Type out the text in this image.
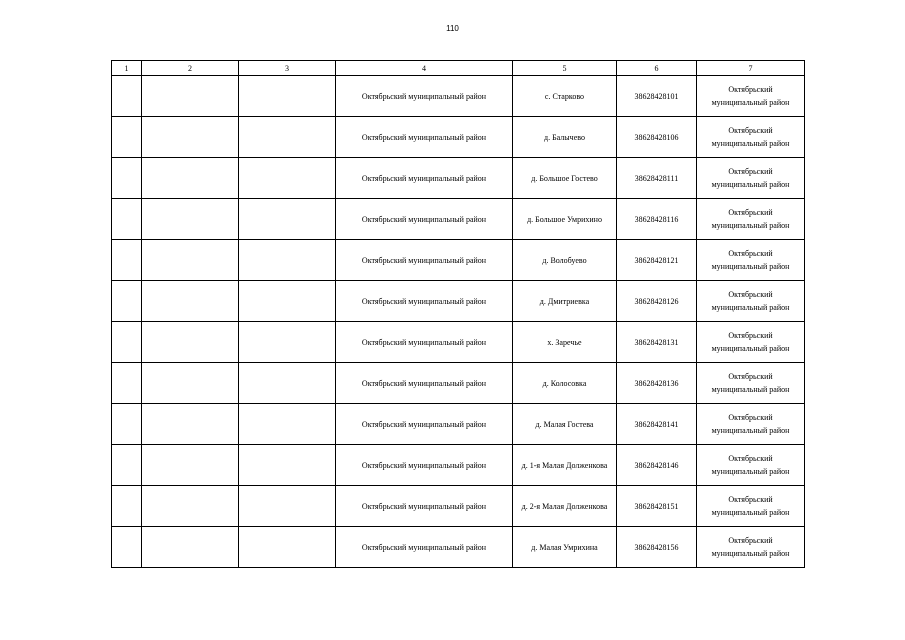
110
1	2	3	4	5	6	7
			Октябрьский муниципальный район	с. Старково	38628428101	Октябрьский
муниципальный район
			Октябрьский муниципальный район	д. Балычево	38628428106	Октябрьский
муниципальный район
			Октябрьский муниципальный район	д. Большое Гостево	38628428111	Октябрьский
муниципальный район
			Октябрьский муниципальный район	д. Большое Умрихино	38628428116	Октябрьский
муниципальный район
			Октябрьский муниципальный район	д. Волобуево	38628428121	Октябрьский
муниципальный район
			Октябрьский муниципальный район	д. Дмитриевка	38628428126	Октябрьский
муниципальный район
			Октябрьский муниципальный район	х. Заречье	38628428131	Октябрьский
муниципальный район
			Октябрьский муниципальный район	д. Колосовка	38628428136	Октябрьский
муниципальный район
			Октябрьский муниципальный район	д. Малая Гостева	38628428141	Октябрьский
муниципальный район
			Октябрьский муниципальный район	д. 1-я Малая Долженкова	38628428146	Октябрьский
муниципальный район
			Октябрьский муниципальный район	д. 2-я Малая Долженкова	38628428151	Октябрьский
муниципальный район
			Октябрьский муниципальный район	д. Малая Умрихина	38628428156	Октябрьский
муниципальный район
